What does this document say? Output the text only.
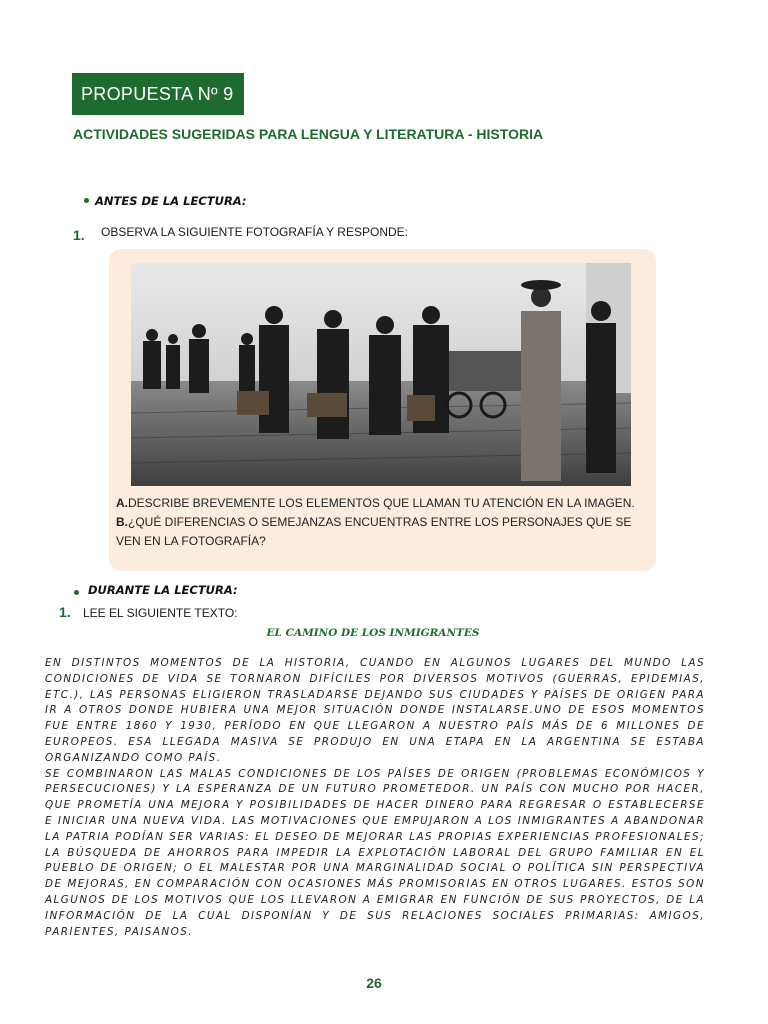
PROPUESTA Nº 9
ACTIVIDADES SUGERIDAS PARA LENGUA Y LITERATURA - HISTORIA
ANTES DE LA LECTURA:
1. OBSERVA LA SIGUIENTE FOTOGRAFÍA Y RESPONDE:
A.DESCRIBE BREVEMENTE LOS ELEMENTOS QUE LLAMAN TU ATENCIÓN EN LA IMAGEN.
B.¿QUÉ DIFERENCIAS O SEMEJANZAS ENCUENTRAS ENTRE LOS PERSONAJES QUE SE VEN EN LA FOTOGRAFÍA?
DURANTE LA LECTURA:
1. LEE EL SIGUIENTE TEXTO:
EL CAMINO DE LOS INMIGRANTES

EN DISTINTOS MOMENTOS DE LA HISTORIA, CUANDO EN ALGUNOS LUGARES DEL MUNDO LAS CONDICIONES DE VIDA SE TORNARON DIFÍCILES POR DIVERSOS MOTIVOS (GUERRAS, EPIDEMIAS, ETC.), LAS PERSONAS ELIGIERON TRASLADARSE DEJANDO SUS CIUDADES Y PAÍSES DE ORIGEN PARA IR A OTROS DONDE HUBIERA UNA MEJOR SITUACIÓN DONDE INSTALARSE.UNO DE ESOS MOMENTOS FUE ENTRE 1860 Y 1930, PERÍODO EN QUE LLEGARON A NUESTRO PAÍS MÁS DE 6 MILLONES DE EUROPEOS. ESA LLEGADA MASIVA SE PRODUJO EN UNA ETAPA EN LA ARGENTINA SE ESTABA ORGANIZANDO COMO PAÍS.

SE COMBINARON LAS MALAS CONDICIONES DE LOS PAÍSES DE ORIGEN (PROBLEMAS ECONÓMICOS Y PERSECUCIONES) Y LA ESPERANZA DE UN FUTURO PROMETEDOR. UN PAÍS CON MUCHO POR HACER, QUE PROMETÍA UNA MEJORA Y POSIBILIDADES DE HACER DINERO PARA REGRESAR O ESTABLECERSE E INICIAR UNA NUEVA VIDA. LAS MOTIVACIONES QUE EMPUJARON A LOS INMIGRANTES A ABANDONAR LA PATRIA PODÍAN SER VARIAS: EL DESEO DE MEJORAR LAS PROPIAS EXPERIENCIAS PROFESIONALES; LA BÚSQUEDA DE AHORROS PARA IMPEDIR LA EXPLOTACIÓN LABORAL DEL GRUPO FAMILIAR EN EL PUEBLO DE ORIGEN; O EL MALESTAR POR UNA MARGINALIDAD SOCIAL O POLÍTICA SIN PERSPECTIVA DE MEJORAS, EN COMPARACIÓN CON OCASIONES MÁS PROMISORIAS EN OTROS LUGARES. ESTOS SON ALGUNOS DE LOS MOTIVOS QUE LOS LLEVARON A EMIGRAR EN FUNCIÓN DE SUS PROYECTOS, DE LA INFORMACIÓN DE LA CUAL DISPONÍAN Y DE SUS RELACIONES SOCIALES PRIMARIAS: AMIGOS, PARIENTES, PAISANOS.

26
